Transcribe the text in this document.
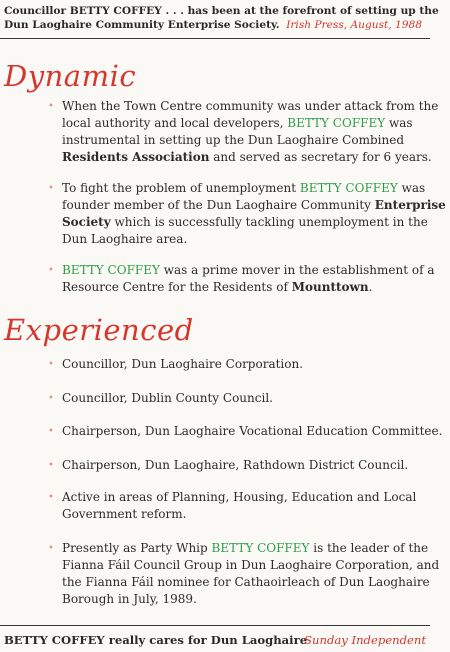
Councillor BETTY COFFEY . . . has been at the forefront of setting up the
Dun Laoghaire Community Enterprise Society. Irish Press, August, 1988
Dynamic
• When the Town Centre community was under attack from the local authority and local developers, BETTY COFFEY was instrumental in setting up the Dun Laoghaire Combined Residents Association and served as secretary for 6 years.
• To fight the problem of unemployment BETTY COFFEY was founder member of the Dun Laoghaire Community Enterprise Society which is successfully tackling unemployment in the Dun Laoghaire area.
• BETTY COFFEY was a prime mover in the establishment of a Resource Centre for the Residents of Mounttown.
Experienced
• Councillor, Dun Laoghaire Corporation.
• Councillor, Dublin County Council.
• Chairperson, Dun Laoghaire Vocational Education Committee.
• Chairperson, Dun Laoghaire, Rathdown District Council.
• Active in areas of Planning, Housing, Education and Local Government reform.
• Presently as Party Whip BETTY COFFEY is the leader of the Fianna Fáil Council Group in Dun Laoghaire Corporation, and the Fianna Fáil nominee for Cathaoirleach of Dun Laoghaire Borough in July, 1989.
BETTY COFFEY really cares for Dun Laoghaire
Sunday Independent
